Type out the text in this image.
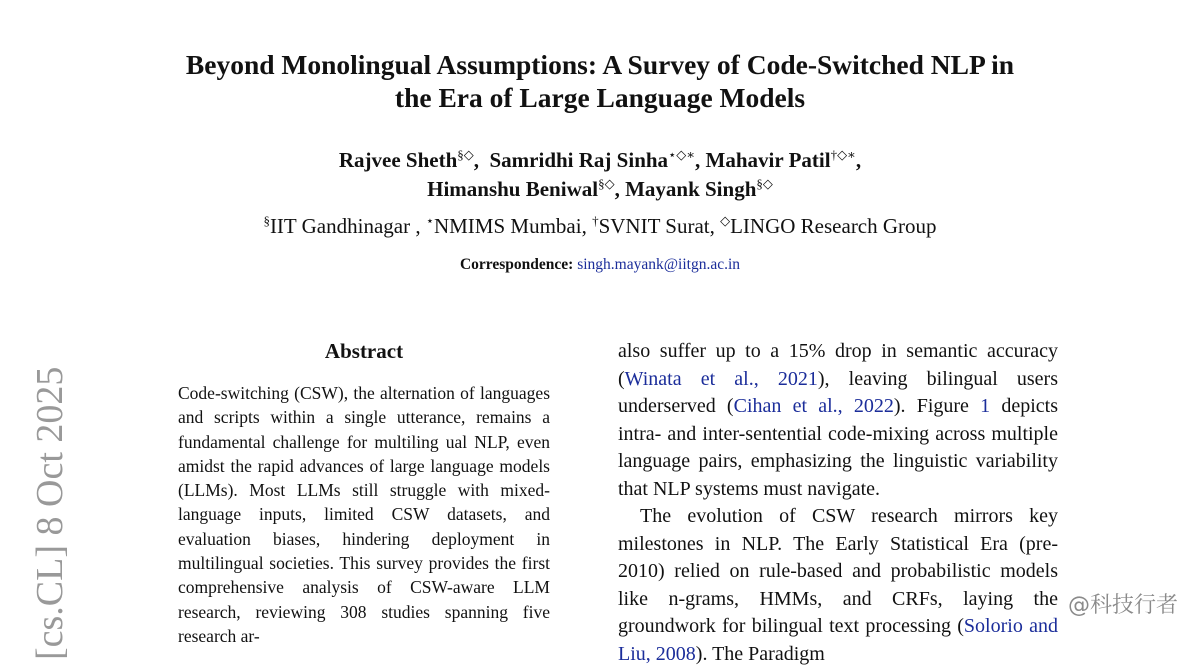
Beyond Monolingual Assumptions: A Survey of Code-Switched NLP in
the Era of Large Language Models
Rajvee Sheth§◇,  Samridhi Raj Sinha⋆◇∗, Mahavir Patil†◇∗,
Himanshu Beniwal§◇, Mayank Singh§◇
§IIT Gandhinagar , ⋆NMIMS Mumbai, †SVNIT Surat, ◇LINGO Research Group
Correspondence: singh.mayank@iitgn.ac.in
Abstract
Code-switching (CSW), the alternation of languages and scripts within a single utterance, remains a fundamental challenge for multiling ual NLP, even amidst the rapid advances of large language models (LLMs). Most LLMs still struggle with mixed-language inputs, limited CSW datasets, and evaluation biases, hindering deployment in multilingual societies. This survey provides the first comprehensive analysis of CSW-aware LLM research, reviewing 308 studies spanning five research ar-

also suffer up to a 15% drop in semantic accuracy (Winata et al., 2021), leaving bilingual users underserved (Cihan et al., 2022). Figure 1 depicts intra- and inter-sentential code-mixing across multiple language pairs, emphasizing the linguistic variability that NLP systems must navigate.

The evolution of CSW research mirrors key milestones in NLP. The Early Statistical Era (pre-2010) relied on rule-based and probabilistic models like n-grams, HMMs, and CRFs, laying the groundwork for bilingual text processing (Solorio and Liu, 2008). The Paradigm

[cs.CL] 8 Oct 2025	@科技行者
